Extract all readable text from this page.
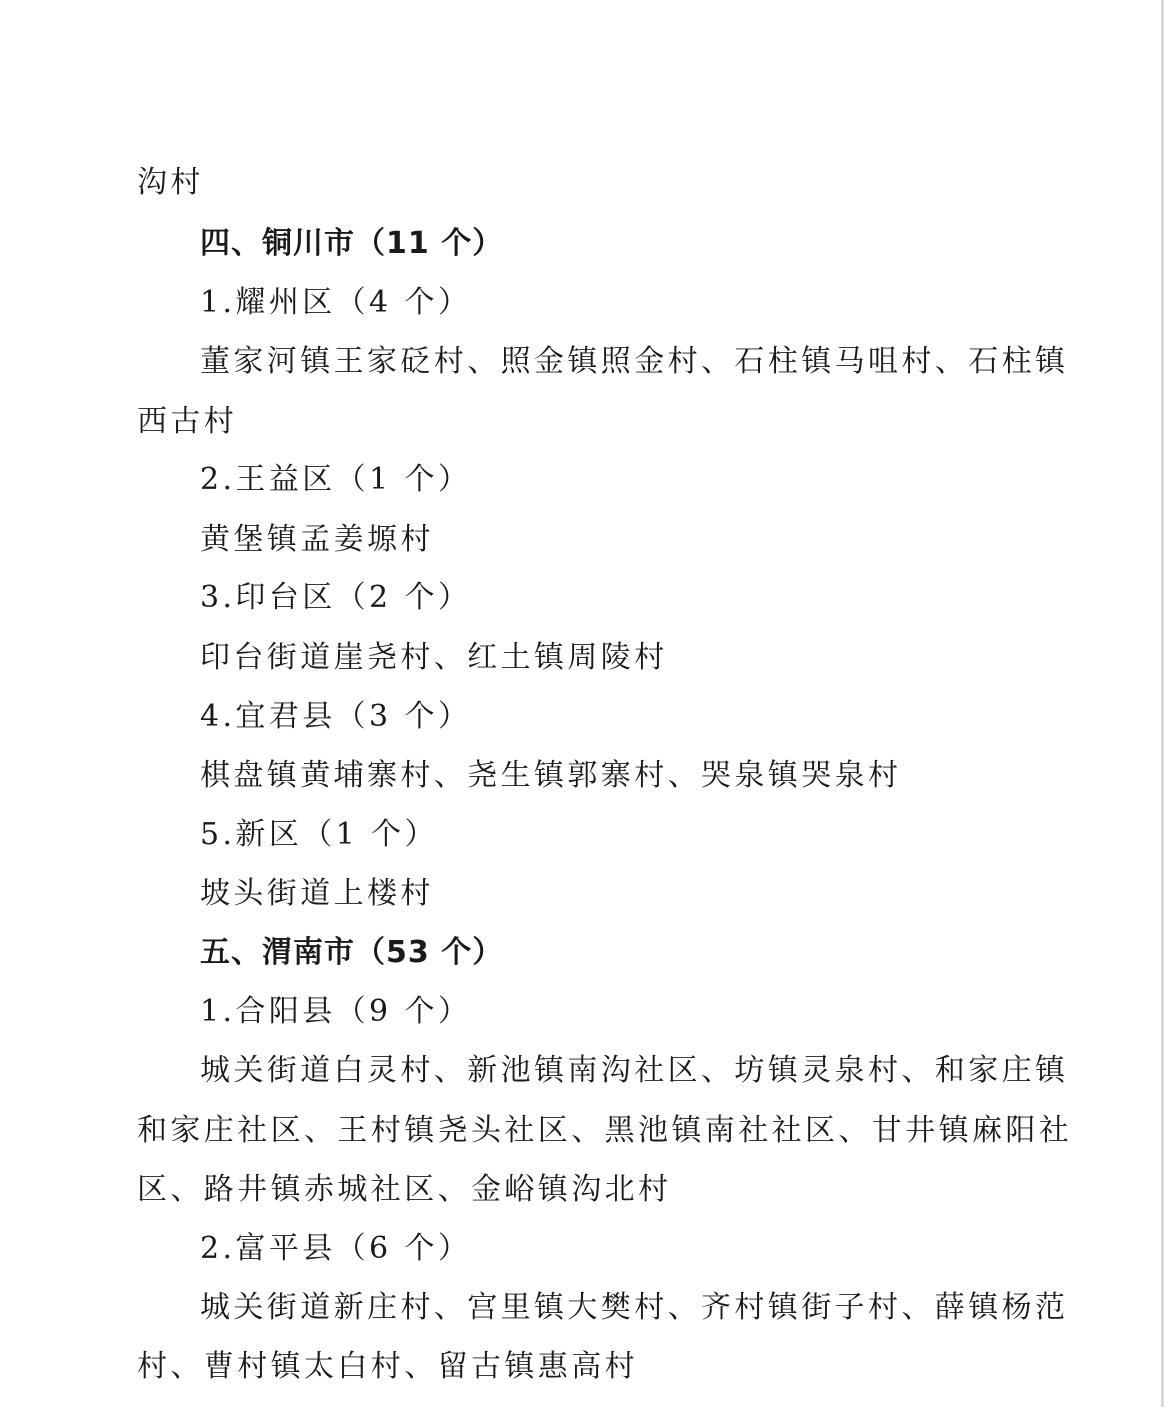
沟村
四、铜川市（11 个）
1.耀州区（4 个）
董家河镇王家砭村、照金镇照金村、石柱镇马咀村、石柱镇
西古村
2.王益区（1 个）
黄堡镇孟姜塬村
3.印台区（2 个）
印台街道崖尧村、红土镇周陵村
4.宜君县（3 个）
棋盘镇黄埔寨村、尧生镇郭寨村、哭泉镇哭泉村
5.新区（1 个）
坡头街道上楼村
五、渭南市（53 个）
1.合阳县（9 个）
城关街道白灵村、新池镇南沟社区、坊镇灵泉村、和家庄镇
和家庄社区、王村镇尧头社区、黑池镇南社社区、甘井镇麻阳社
区、路井镇赤城社区、金峪镇沟北村
2.富平县（6 个）
城关街道新庄村、宫里镇大樊村、齐村镇街子村、薛镇杨范
村、曹村镇太白村、留古镇惠高村
